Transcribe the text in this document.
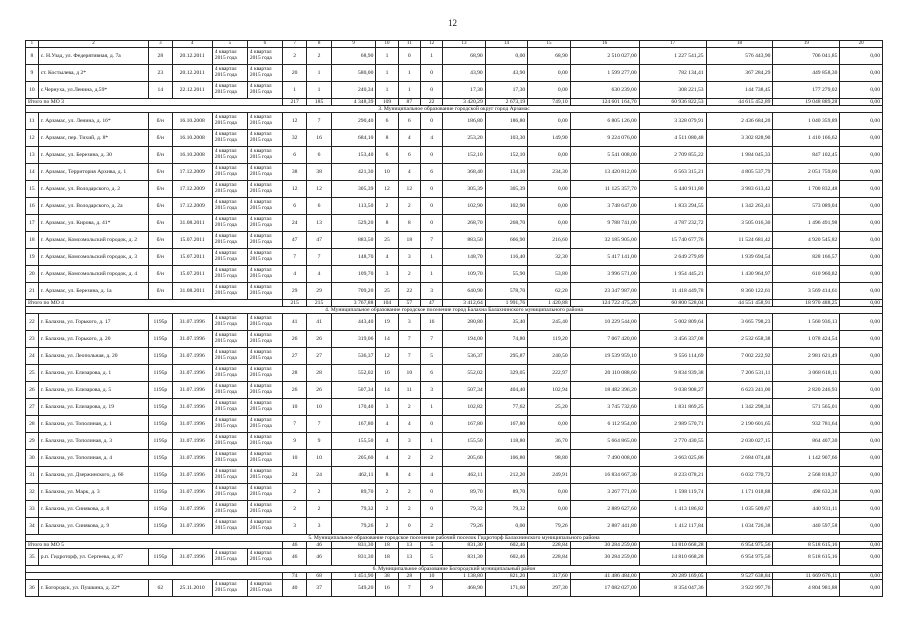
12
1	2	3	4	5	6	7	8	9	10	11	12	13	14	15	16	17	18	19	20
8	с. Н.Узад, ул. Федерятивная, д. 7а	28	20.12.2011	4 квартал
2015 года	4 квартал
2015 года	2	2	68,90	1	0	1	68,90	0,00	68,90	2 510 027,00	1 227 541,25	576 443,90	706 041,85	0,00
9	ст. Костылева, д 2*	23	20.12.2011	4 квартал
2015 года	4 квартал
2015 года	20	1	580,00	1	1	0	43,90	43,90	0,00	1 599 277,00	782 134,41	367 284,29	449 858,30	0,00
10	с.Чернуха, ул.Ленина, д.59*	14	22.12.2011	4 квартал
2015 года	4 квартал
2015 года	1	1	240,34	1	1	0	17,30	17,30	0,00	630 239,00	308 221,53	144 738,45	177 279,02	0,00
Итого по МО 3						217	185	4 348,39	109	87	22	3 420,29	2 673,19	749,10	124 601 164,70	60 936 822,53	44 615 452,89	19 048 889,28	0,00
3. Муниципальное образование городской округ город Арзамас																			
11	г. Арзамас, ул. Ленина, д. 16*	б/н	16.10.2008	4 квартал
2015 года	4 квартал
2015 года	12	7	290,40	6	6	0	186,80	186,80	0,00	6 805 126,00	3 328 079,91	2 436 684,20	1 040 359,89	0,00
12	г. Арзамас, пер. Тихий, д. 8*	б/н	16.10.2008	4 квартал
2015 года	4 квартал
2015 года	32	16	684,10	8	4	4	253,20	103,30	149,90	9 224 076,00	4 511 080,48	3 302 828,90	1 410 166,62	0,00
13	г. Арзамас, ул. Березина, д. 30	б/н	16.10.2008	4 квартал
2015 года	4 квартал
2015 года	6	6	153,40	6	6	0	152,10	152,10	0,00	5 541 008,00	2 709 855,22	1 984 045,33	847 102,45	0,00
14	г. Арзамас, Территория Архива, д. 1	б/н	17.12.2009	4 квартал
2015 года	4 квартал
2015 года	38	38	421,30	10	4	6	368,40	134,10	234,30	13 420 812,00	6 563 315,21	4 805 537,79	2 051 759,00	0,00
15	г. Арзамас, ул. Володарского, д. 2	б/н	17.12.2009	4 квартал
2015 года	4 квартал
2015 года	12	12	305,39	12	12	0	305,39	305,39	0,00	11 125 357,70	5 440 911,80	3 983 613,42	1 700 832,48	0,00
16	г. Арзамас, ул. Володарского, д. 2а	б/н	17.12.2009	4 квартал
2015 года	4 квартал
2015 года	6	6	113,50	2	2	0	102,90	102,90	0,00	3 748 647,00	1 833 294,55	1 342 263,41	573 089,04	0,00
17	г. Арзамас, ул. Кирова, д. 41*	б/н	31.08.2011	4 квартал
2015 года	4 квартал
2015 года	24	13	529,20	8	8	0	268,70	268,70	0,00	9 788 741,00	4 787 232,72	3 505 016,30	1 496 491,98	0,00
18	г. Арзамас, Комсомольский городок, д. 2	б/н	15.07.2011	4 квартал
2015 года	4 квартал
2015 года	47	47	883,50	25	18	7	883,50	666,90	216,60	32 185 905,00	15 740 677,76	11 524 681,42	4 920 545,82	0,00
19	г. Арзамас, Комсомольский городок, д. 3	б/н	15.07.2011	4 квартал
2015 года	4 квартал
2015 года	7	7	148,70	4	3	1	148,70	116,40	32,30	5 417 141,00	2 649 279,89	1 939 694,54	828 166,57	0,00
20	г. Арзамас, Комсомольский городок, д. 4	б/н	15.07.2011	4 квартал
2015 года	4 квартал
2015 года	4	4	109,70	3	2	1	109,70	55,90	53,80	3 996 571,00	1 954 445,21	1 430 964,97	610 960,82	0,00
21	г. Арзамас, ул. Березина, д. 1а	б/н	31.08.2011	4 квартал
2015 года	4 квартал
2015 года	29	29	709,20	25	22	3	640,90	578,70	62,20	23 347 987,00	11 418 449,78	8 360 122,61	3 569 414,61	0,00
Итого по МО 4						215	215	3 767,88	104	57	47	3 412,64	1 991,76	1 420,88	124 722 475,20	60 800 528,04	44 551 458,91	18 970 488,25	0,00
4. Муниципальное образование городское поселение город Балахна Балахнинского муниципального района																			
22	г. Балахна, ул. Горького, д. 17	1195р	31.07.1996	4 квартал
2015 года	4 квартал
2015 года	41	41	443,40	19	3	16	280,80	35,40	245,40	10 229 544,00	5 002 809,64	3 665 798,23	1 560 936,13	0,00
23	г. Балахна, ул. Горького, д. 20	1195р	31.07.1996	4 квартал
2015 года	4 квартал
2015 года	26	26	319,06	14	7	7	194,00	74,80	119,20	7 067 420,00	3 456 337,08	2 532 658,38	1 078 424,54	0,00
24	г. Балахна, ул. Леопольная, д. 20	1195р	31.07.1996	4 квартал
2015 года	4 квартал
2015 года	27	27	536,37	12	7	5	536,37	295,87	240,50	19 539 959,10	9 556 114,69	7 002 222,92	2 981 621,49	0,00
25	г. Балахна, ул. Елизарова, д. 1	1195р	31.07.1996	4 квартал
2015 года	4 квартал
2015 года	28	28	552,02	16	10	6	552,02	329,05	222,97	20 110 088,60	9 834 939,38	7 206 531,11	3 068 618,11	0,00
26	г. Балахна, ул. Елизарова, д. 5	1195р	31.07.1996	4 квартал
2015 года	4 квартал
2015 года	26	26	507,34	14	11	3	507,34	404,40	102,94	18 482 396,20	9 038 908,27	6 623 241,00	2 820 246,93	0,00
27	г. Балахна, ул. Елизарова, д. 19	1195р	31.07.1996	4 квартал
2015 года	4 квартал
2015 года	10	10	170,40	3	2	1	102,82	77,62	25,20	3 745 732,60	1 831 869,25	1 342 298,34	571 565,01	0,00
28	г. Балахна, ул. Тополиная, д. 1	1195р	31.07.1996	4 квартал
2015 года	4 квартал
2015 года	7	7	167,80	4	4	0	167,80	167,80	0,00	6 112 954,00	2 989 570,71	2 190 601,65	932 781,64	0,00
29	г. Балахна, ул. Тополиная, д. 3	1195р	31.07.1996	4 квартал
2015 года	4 квартал
2015 года	9	9	155,50	4	3	1	155,50	118,80	36,70	5 664 865,00	2 770 430,55	2 030 027,15	864 407,30	0,00
30	г. Балахна, ул. Тополиная, д. 4	1195р	31.07.1996	4 квартал
2015 года	4 квартал
2015 года	10	10	205,60	4	2	2	205,60	106,80	98,80	7 490 008,00	3 663 025,86	2 684 074,48	1 142 907,66	0,00
31	г. Балахна, ул. Дзержинского, д. 66	1195р	31.07.1996	4 квартал
2015 года	4 квартал
2015 года	24	24	462,11	8	4	4	462,11	212,20	249,91	16 834 667,30	8 233 078,21	6 032 770,72	2 568 818,37	0,00
32	г. Балахна, ул. Марк, д. 3	1195р	31.07.1996	4 квартал
2015 года	4 квартал
2015 года	2	2	89,70	2	2	0	89,70	89,70	0,00	3 267 771,00	1 598 119,74	1 171 018,88	498 632,38	0,00
33	г. Балахна, ул. Синякова, д. 8	1195р	31.07.1996	4 квартал
2015 года	4 квартал
2015 года	2	2	79,32	2	2	0	79,32	79,32	0,00	2 889 627,60	1 413 186,82	1 035 509,67	440 931,11	0,00
34	г. Балахна, ул. Синякова, д. 9	1195р	31.07.1996	4 квартал
2015 года	4 квартал
2015 года	3	3	79,26	2	0	2	79,26	0,00	79,26	2 887 441,80	1 412 117,84	1 034 726,38	440 597,58	0,00
5. Муниципальное образование городское поселение рабочий поселок Гидроторф Балахнинского муниципального района																			
Итого по МО 5						46	46	831,30	18	13	5	831,30	602,46	228,84	30 284 259,00	14 810 668,28	6 954 975,56	8 518 615,16	0,00
35	р.п. Гидроторф, ул. Сергеева, д. 87	1195р	31.07.1996	4 квартал
2015 года	4 квартал
2015 года	46	46	831,30	18	13	5	831,30	602,46	228,84	30 284 259,00	14 810 668,28	6 954 975,56	8 518 615,16	0,00
6. Муниципальное образование Богородский муниципальный район																			
						74	68	1 451,90	38	28	10	1 138,80	821,20	317,60	41 486 484,00	20 289 169,05	9 527 638,84	11 669 676,11	0,00
36	г. Богородск, ул. Пушкина, д. 22*	62	25.11.2010	4 квартал
2015 года	4 квартал
2015 года	40	37	549,20	16	7	9	468,90	171,60	297,30	17 082 027,00	8 354 047,36	3 922 997,76	4 804 981,88	0,00
